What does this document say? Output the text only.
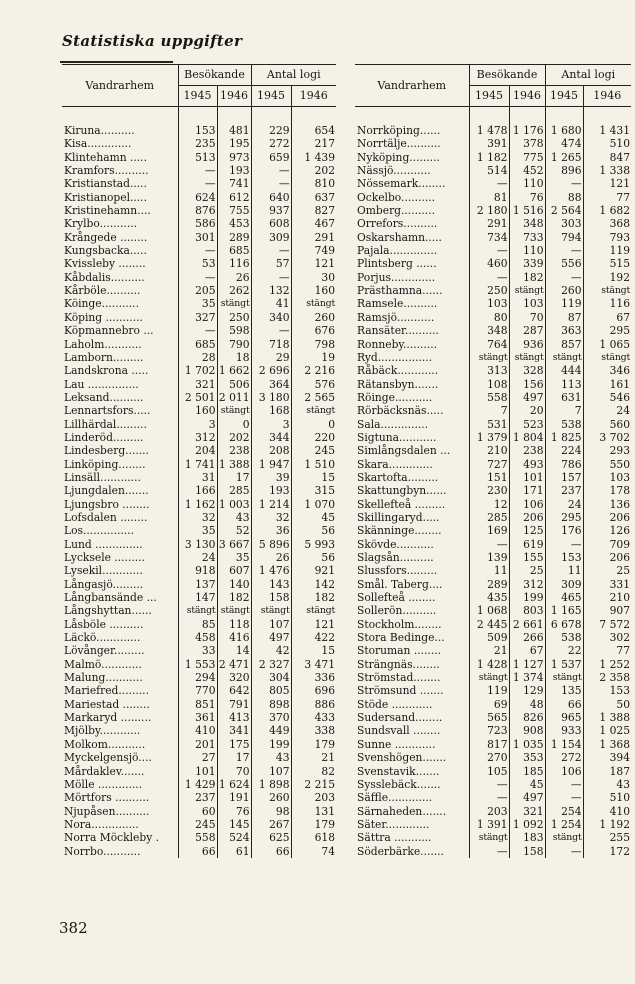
Statistiska uppgifter
Vandrarhem	Besökande		Antal logi	
	1945	1946	1945	1946

Kiruna..........	153	481	229	654
Kisa.............	235	195	272	217
Klintehamn .....	513	973	659	1 439
Kramfors..........	—	193	—	202
Kristianstad.....	—	741	—	810
Kristianopel.....	624	612	640	637
Kristinehamn....	876	755	937	827
Krylbo...........	586	453	608	467
Krångede ........	301	289	309	291
Kungsbacka.....	—	685	—	749
Kvissleby ........	53	116	57	121
Kåbdalis..........	—	26	—	30
Kårböle..........	205	262	132	160
Köinge...........	35	stängt	41	stängt
Köping ...........	327	250	340	260
Köpmannebro ...	—	598	—	676
Laholm...........	685	790	718	798
Lamborn.........	28	18	29	19
Landskrona .....	1 702	1 662	2 696	2 216
Lau ...............	321	506	364	576
Leksand..........	2 501	2 011	3 180	2 565
Lennartsfors.....	160	stängt	168	stängt
Lillhärdal.........	3	0	3	0
Linderöd.........	312	202	344	220
Lindesberg.......	204	238	208	245
Linköping........	1 741	1 388	1 947	1 510
Linsäll............	31	17	39	15
Ljungdalen.......	166	285	193	315
Ljungsbro ........	1 162	1 003	1 214	1 070
Lofsdalen ........	32	43	32	45
Los...............	35	52	36	56
Lund ..............	3 130	3 667	5 896	5 993
Lycksele .........	24	35	26	56
Lysekil............	918	607	1 476	921
Långasjö.........	137	140	143	142
Långbansände ...	147	182	158	182
Långshyttan......	stängt	stängt	stängt	stängt
Låsböle ..........	85	118	107	121
Läckö.............	458	416	497	422
Lövånger.........	33	14	42	15
Malmö............	1 553	2 471	2 327	3 471
Malung...........	294	320	304	336
Mariefred.........	770	642	805	696
Mariestad ........	851	791	898	886
Markaryd .........	361	413	370	433
Mjölby............	410	341	449	338
Molkom...........	201	175	199	179
Myckelgensjö....	27	17	43	21
Mårdaklev.......	101	70	107	82
Mölle .............	1 429	1 624	1 898	2 215
Mörtfors ..........	237	191	260	203
Njupåsen..........	60	76	98	131
Nora..............	245	145	267	179
Norra Möckleby .	558	524	625	618
Norrbo...........	66	61	66	74
Vandrarhem	Besökande		Antal logi	
	1945	1946	1945	1946

Norrköping......	1 478	1 176	1 680	1 431
Norrtälje..........	391	378	474	510
Nyköping.........	1 182	775	1 265	847
Nässjö...........	514	452	896	1 338
Nössemark........	—	110	—	121
Ockelbo..........	81	76	88	77
Omberg..........	2 180	1 516	2 564	1 682
Orrefors..........	291	348	303	368
Oskarshamn.....	734	733	794	793
Pajala..............	—	110	—	119
Plintsberg ......	460	339	556	515
Porjus.............	—	182	—	192
Prästhamna......	250	stängt	260	stängt
Ramsele..........	103	103	119	116
Ramsjö...........	80	70	87	67
Ransäter..........	348	287	363	295
Ronneby..........	764	936	857	1 065
Ryd................	stängt	stängt	stängt	stängt
Råbäck............	313	328	444	346
Rätansbyn.......	108	156	113	161
Röinge...........	558	497	631	546
Rörbäcksnäs.....	7	20	7	24
Sala..............	531	523	538	560
Sigtuna...........	1 379	1 804	1 825	3 702
Simlångsdalen ...	210	238	224	293
Skara.............	727	493	786	550
Skartofta.........	151	101	157	103
Skattungbyn......	230	171	237	178
Skellefteå .........	12	106	24	136
Skillingaryd.....	285	206	295	206
Skänninge........	169	125	176	126
Skövde...........	—	619	—	709
Slagsån..........	139	155	153	206
Slussfors.........	11	25	11	25
Smål. Taberg....	289	312	309	331
Sollefteå ........	435	199	465	210
Sollerön..........	1 068	803	1 165	907
Stockholm........	2 445	2 661	6 678	7 572
Stora Bedinge...	509	266	538	302
Storuman ........	21	67	22	77
Strängnäs........	1 428	1 127	1 537	1 252
Strömstad........	stängt	1 374	stängt	2 358
Strömsund .......	119	129	135	153
Stöde ............	69	48	66	50
Sudersand........	565	826	965	1 388
Sundsvall ........	723	908	933	1 025
Sunne ............	817	1 035	1 154	1 368
Svenshögen.......	270	353	272	394
Svenstavik.......	105	185	106	187
Sysslebäck.......	—	45	—	43
Säffle.............	—	497	—	510
Särnaheden.......	203	321	254	410
Säter.............	1 391	1 092	1 254	1 192
Sättra ...........	stängt	183	stängt	255
Söderbärke.......	—	158	—	172
382
